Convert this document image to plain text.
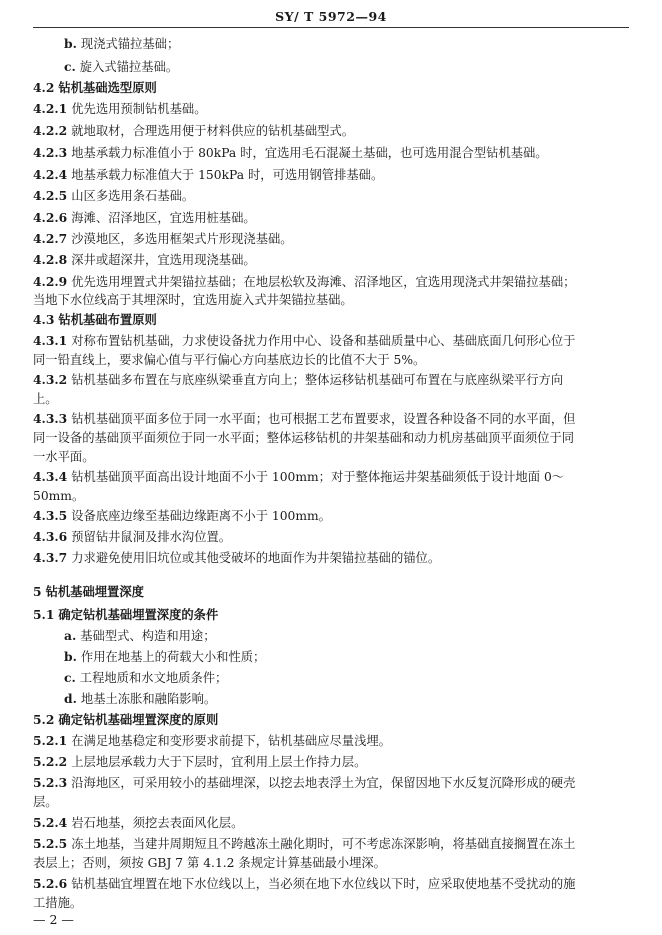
SY/ T 5972—94
b. 现浇式锚拉基础；
c. 旋入式锚拉基础。
4.2 钻机基础选型原则
4.2.1 优先选用预制钻机基础。
4.2.2 就地取材，合理选用便于材料供应的钻机基础型式。
4.2.3 地基承载力标准值小于 80kPa 时，宜选用毛石混凝土基础，也可选用混合型钻机基础。
4.2.4 地基承载力标准值大于 150kPa 时，可选用钢管排基础。
4.2.5 山区多选用条石基础。
4.2.6 海滩、沼泽地区，宜选用桩基础。
4.2.7 沙漠地区，多选用框架式片形现浇基础。
4.2.8 深井或超深井，宜选用现浇基础。
4.2.9 优先选用埋置式井架锚拉基础；在地层松软及海滩、沼泽地区，宜选用现浇式井架锚拉基础；
当地下水位线高于其埋深时，宜选用旋入式井架锚拉基础。
4.3 钻机基础布置原则
4.3.1 对称布置钻机基础，力求使设备扰力作用中心、设备和基础质量中心、基础底面几何形心位于
同一铅直线上，要求偏心值与平行偏心方向基底边长的比值不大于 5%。
4.3.2 钻机基础多布置在与底座纵梁垂直方向上；整体运移钻机基础可布置在与底座纵梁平行方向
上。
4.3.3 钻机基础顶平面多位于同一水平面；也可根据工艺布置要求，设置各种设备不同的水平面，但
同一设备的基础顶平面须位于同一水平面；整体运移钻机的井架基础和动力机房基础顶平面须位于同
一水平面。
4.3.4 钻机基础顶平面高出设计地面不小于 100mm；对于整体拖运井架基础须低于设计地面 0～
50mm。
4.3.5 设备底座边缘至基础边缘距离不小于 100mm。
4.3.6 预留钻井鼠洞及排水沟位置。
4.3.7 力求避免使用旧坑位或其他受破坏的地面作为井架锚拉基础的锚位。
5 钻机基础埋置深度
5.1 确定钻机基础埋置深度的条件
a. 基础型式、构造和用途；
b. 作用在地基上的荷载大小和性质；
c. 工程地质和水文地质条件；
d. 地基土冻胀和融陷影响。
5.2 确定钻机基础埋置深度的原则
5.2.1 在满足地基稳定和变形要求前提下，钻机基础应尽量浅埋。
5.2.2 上层地层承载力大于下层时，宜利用上层土作持力层。
5.2.3 沿海地区，可采用较小的基础埋深，以挖去地表浮土为宜，保留因地下水反复沉降形成的硬壳
层。
5.2.4 岩石地基，须挖去表面风化层。
5.2.5 冻土地基，当建井周期短且不跨越冻土融化期时，可不考虑冻深影响，将基础直接搁置在冻土
表层上；否则，须按 GBJ 7 第 4.1.2 条规定计算基础最小埋深。
5.2.6 钻机基础宜埋置在地下水位线以上，当必须在地下水位线以下时，应采取使地基不受扰动的施
工措施。
— 2 —
